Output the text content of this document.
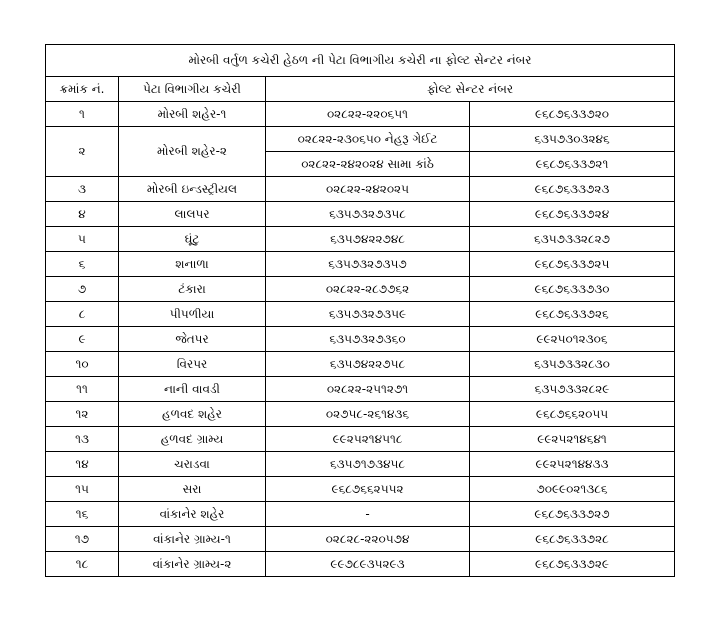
મોરબી વર્તુળ કચેરી હેઠળ ની પેટા વિભાગીય કચેરી ના ફોલ્ટ સેન્ટર નંબર			
ક્રમાંક નં.	પેટા વિભાગીય કચેરી	ફોલ્ટ સેન્ટર નંબર	
૧	મોરબી શહેર-૧	૦૨૮૨૨-૨૨૦૬૫૧	૯૬૮૭૬૩૩૭૨૦
૨	મોરબી શહેર-૨	૦૨૮૨૨-૨૩૦૬૫૦ નેહરૂ ગેઈટ	૬૩૫૭૩૦૩૨૪૬
		૦૨૮૨૨-૨૪૨૦૨૪ સામા કાંઠે	૯૬૮૭૬૩૩૭૨૧
૩	મોરબી ઇન્ડસ્ટ્રીયલ	૦૨૮૨૨-૨૪૨૦૨૫	૯૬૮૭૬૩૩૭૨૩
૪	લાલપર	૬૩૫૭૩૨૭૩૫૮	૯૬૮૭૬૩૩૭૨૪
૫	ઘૂંટુ	૬૩૫૭૪૨૨૭૪૮	૬૩૫૭૩૩૨૮૨૭
૬	શનાળા	૬૩૫૭૩૨૭૩૫૭	૯૬૮૭૬૩૩૭૨૫
૭	ટંકારા	૦૨૮૨૨-૨૮૭૭૬૨	૯૬૮૭૬૩૩૭૩૦
૮	પીપળીયા	૬૩૫૭૩૨૭૩૫૯	૯૬૮૭૬૩૩૭૨૬
૯	જેતપર	૬૩૫૭૩૨૭૩૬૦	૯૯૨૫૦૧૨૩૦૬
૧૦	વિરપર	૬૩૫૭૪૨૨૭૫૮	૬૩૫૭૩૩૨૮૩૦
૧૧	નાની વાવડી	૦૨૮૨૨-૨૫૧૨૭૧	૬૩૫૭૩૩૨૮૨૯
૧૨	હળવદ શહેર	૦૨૭૫૮-૨૬૧૪૩૬	૯૬૮૭૬૬૨૦૫૫
૧૩	હળવદ ગ્રામ્ય	૯૯૨૫૨૧૪૫૧૮	૯૯૨૫૨૧૪૬૪૧
૧૪	ચરાડવા	૬૩૫૭૧૭૩૪૫૮	૯૯૨૫૨૧૪૪૩૩
૧૫	સરા	૯૬૮૭૬૬૨૫૫૨	૭૦૯૯૦૨૧૩૮૬
૧૬	વાંકાનેર શહેર	-	૯૬૮૭૬૩૩૭૨૭
૧૭	વાંકાનેર ગ્રામ્ય-૧	૦૨૮૨૮-૨૨૦૫૭૪	૯૬૮૭૬૩૩૭૨૮
૧૮	વાંકાનેર ગ્રામ્ય-૨	૯૯૭૮૯૩૫૨૯૩	૯૬૮૭૬૩૩૭૨૯
